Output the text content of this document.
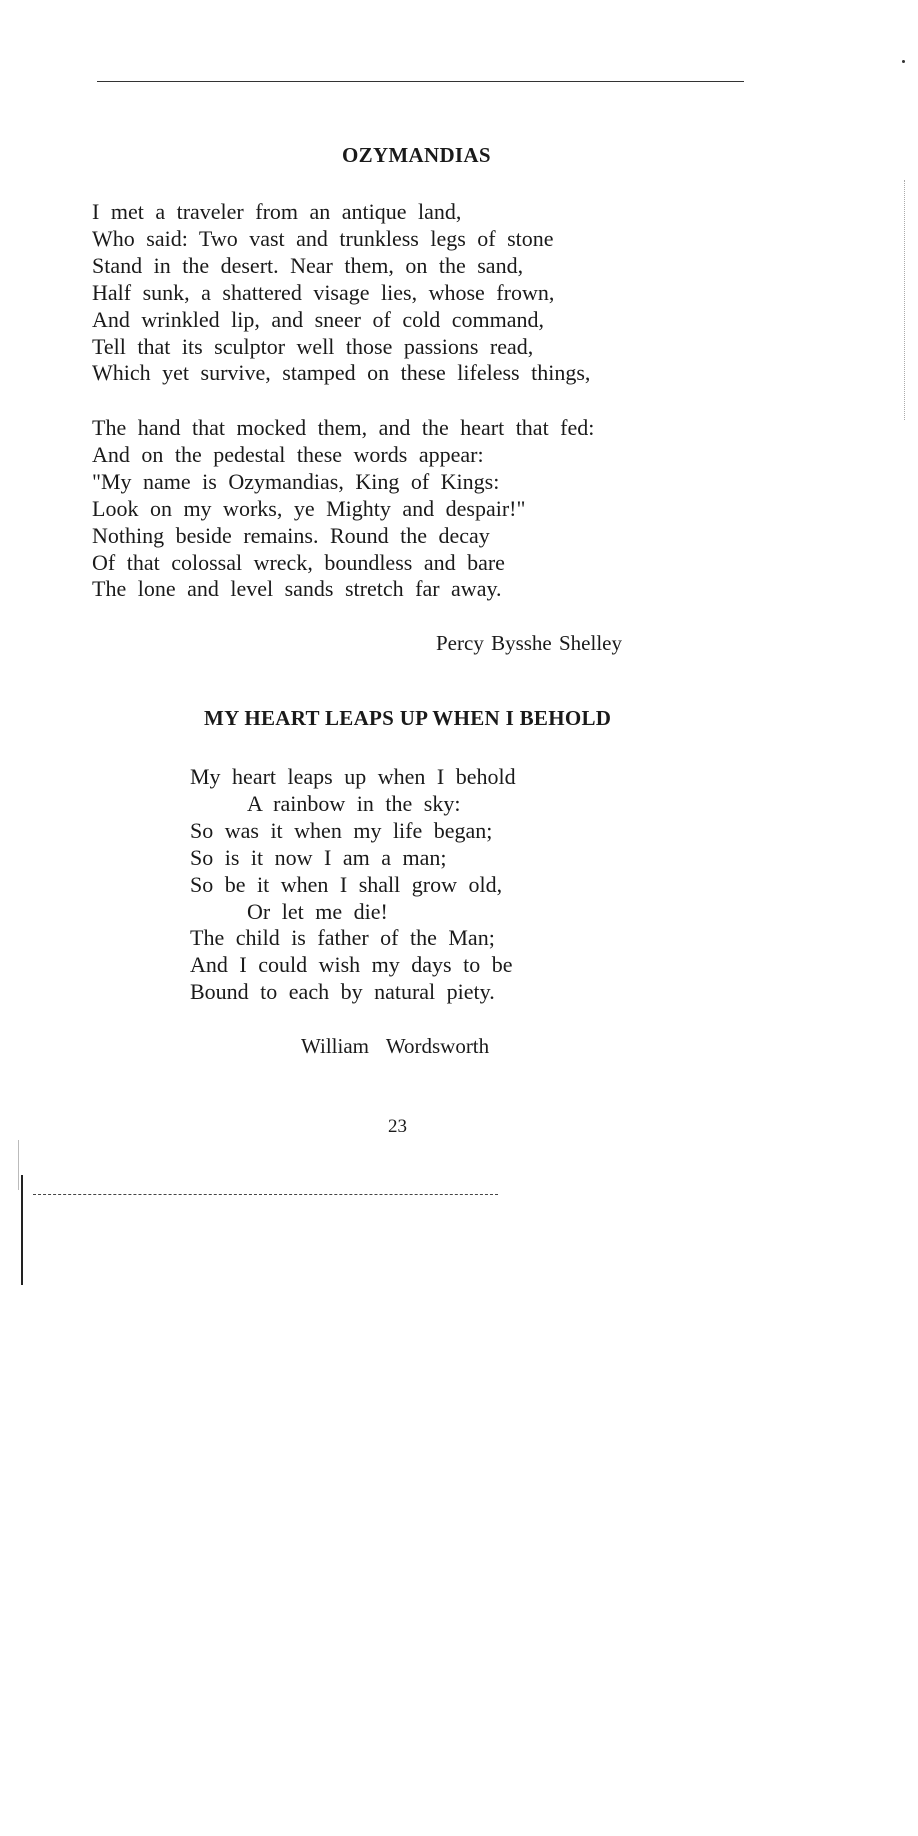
OZYMANDIAS
I met a traveler from an antique land,
Who said: Two vast and trunkless legs of stone
Stand in the desert. Near them, on the sand,
Half sunk, a shattered visage lies, whose frown,
And wrinkled lip, and sneer of cold command,
Tell that its sculptor well those passions read,
Which yet survive, stamped on these lifeless things,
The hand that mocked them, and the heart that fed:
And on the pedestal these words appear:
"My name is Ozymandias, King of Kings:
Look on my works, ye Mighty and despair!"
Nothing beside remains. Round the decay
Of that colossal wreck, boundless and bare
The lone and level sands stretch far away.

Percy Bysshe Shelley

MY HEART LEAPS UP WHEN I BEHOLD
My heart leaps up when I behold
A rainbow in the sky:
So was it when my life began;
So is it now I am a man;
So be it when I shall grow old,
Or let me die!
The child is father of the Man;
And I could wish my days to be
Bound to each by natural piety.

William Wordsworth

23
